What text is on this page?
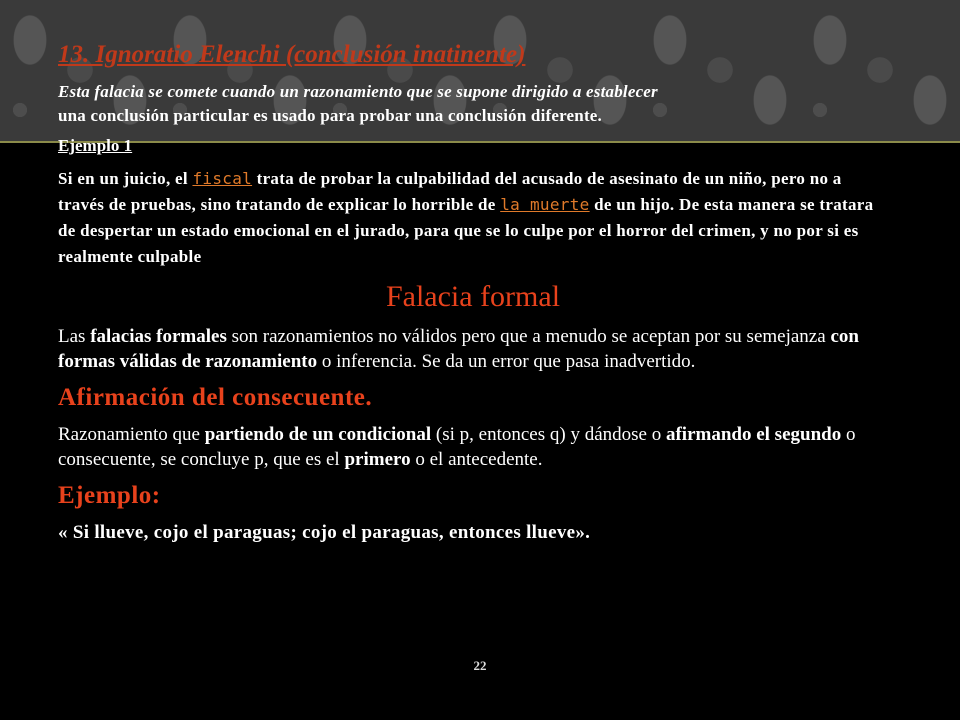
13. Ignoratio Elenchi (conclusión inatinente)
Esta falacia se comete cuando un razonamiento que se supone dirigido a establecer
una conclusión particular es usado para probar una conclusión diferente.
Ejemplo 1
Si en un juicio, el fiscal trata de probar la culpabilidad del acusado de asesinato de un niño, pero no a través de pruebas, sino tratando de explicar lo horrible de la muerte de un hijo. De esta manera se tratara de despertar un estado emocional en el jurado, para que se lo culpe por el horror del crimen, y no por si es realmente culpable
Falacia formal
Las falacias formales son razonamientos no válidos pero que a menudo se aceptan por su semejanza con formas válidas de razonamiento o inferencia. Se da un error que pasa inadvertido.
Afirmación del consecuente.
Razonamiento que partiendo de un condicional (si p, entonces q) y dándose o afirmando el segundo o consecuente, se concluye p, que es el primero o el antecedente.
Ejemplo:
« Si llueve, cojo el paraguas; cojo el paraguas, entonces llueve».
22
